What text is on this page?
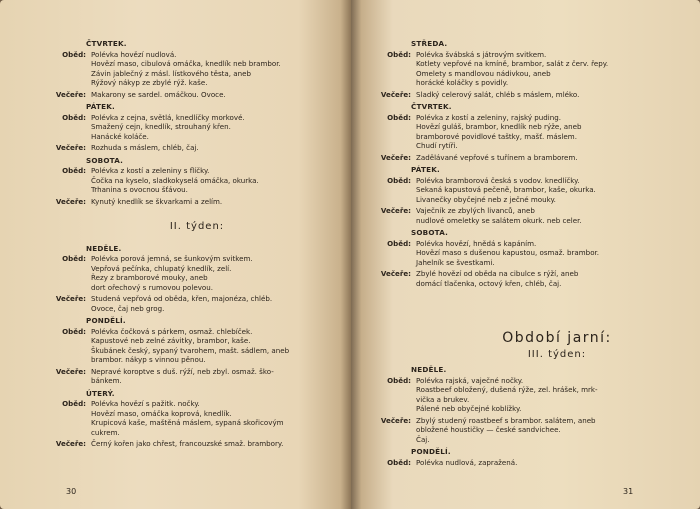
ČTVRTEK.
Oběd: Polévka hovězí nudlová.
Hovězí maso, cibulová omáčka, knedlík neb brambor.
Závin jablečný z másl. lístkového těsta, aneb
Rýžový nákyp ze zbylé rýž. kaše.
Večeře: Makarony se sardel. omáčkou. Ovoce.
PÁTEK.
Oběd: Polévka z cejna, světlá, knedlíčky morkové.
Smažený cejn, knedlík, strouhaný křen.
Hanácké koláče.
Večeře: Rozhuda s máslem, chléb, čaj.
SOBOTA.
Oběd: Polévka z kostí a zeleniny s flíčky.
Čočka na kyselo, sladkokyselá omáčka, okurka.
Trhanina s ovocnou šťávou.
Večeře: Kynutý knedlík se škvarkami a zelím.
II. týden:
NEDĚLE.
Oběd: Polévka porová jemná, se šunkovým svitkem.
Vepřová pečínka, chlupatý knedlík, zelí.
Řezy z bramborové mouky, aneb
dort ořechový s rumovou polevou.
Večeře: Studená vepřová od oběda, křen, majonéza, chléb.
Ovoce, čaj neb grog.
PONDĚLÍ.
Oběd: Polévka čočková s párkem, osmaž. chlebíček.
Kapustové neb zelné závitky, brambor, kaše.
Škubánek český, sypaný tvarohem, mašt. sádlem, aneb
brambor. nákyp s vinnou pěnou.
Večeře: Nepravé koroptve s duš. rýží, neb zbyl. osmaž. ško-
bánkem.
ÚTERÝ.
Oběd: Polévka hovězí s pažitk. nočky.
Hovězí maso, omáčka koprová, knedlík.
Krupicová kaše, maštěná máslem, sypaná skořicovým
cukrem.
Večeře: Černý kořen jako chřest, francouzské smaž. brambory.
STŘEDA.
Oběd: Polévka švábská s játrovým svitkem.
Kotlety vepřové na kmíně, brambor, salát z červ. řepy.
Omelety s mandlovou nádivkou, aneb
horácké koláčky s povidly.
Večeře: Sladký celerový salát, chléb s máslem, mléko.
ČTVRTEK.
Oběd: Polévka z kostí a zeleniny, rajský puding.
Hovězí guláš, brambor, knedlík neb rýže, aneb
bramborové povidlové taštky, mašť. máslem.
Chudí rytíři.
Večeře: Zadělávané vepřové s tuřínem a bramborem.
PÁTEK.
Oběd: Polévka bramborová česká s vodov. knedlíčky.
Sekaná kapustová pečeně, brambor, kaše, okurka.
Livanečky obyčejné neb z ječné mouky.
Večeře: Vaječník ze zbylých livanců, aneb
nudlové omeletky se salátem okurk. neb celer.
SOBOTA.
Oběd: Polévka hovězí, hnědá s kapáním.
Hovězí maso s dušenou kapustou, osmaž. brambor.
Jahelník se švestkami.
Večeře: Zbylé hovězí od oběda na cibulce s rýží, aneb
domácí tlačenka, octový křen, chléb, čaj.
Období jarní:
III. týden:
NEDĚLE.
Oběd: Polévka rajská, vaječné nočky.
Roastbeef obložený, dušená rýže, zel. hrášek, mrk-
vička a brukev.
Pálené neb obyčejné koblížky.
Večeře: Zbylý studený roastbeef s brambor. salátem, aneb
obložené houstičky — české sandvichee.
Čaj.
PONDĚLÍ.
Oběd: Polévka nudlová, zapražená.
30	31
